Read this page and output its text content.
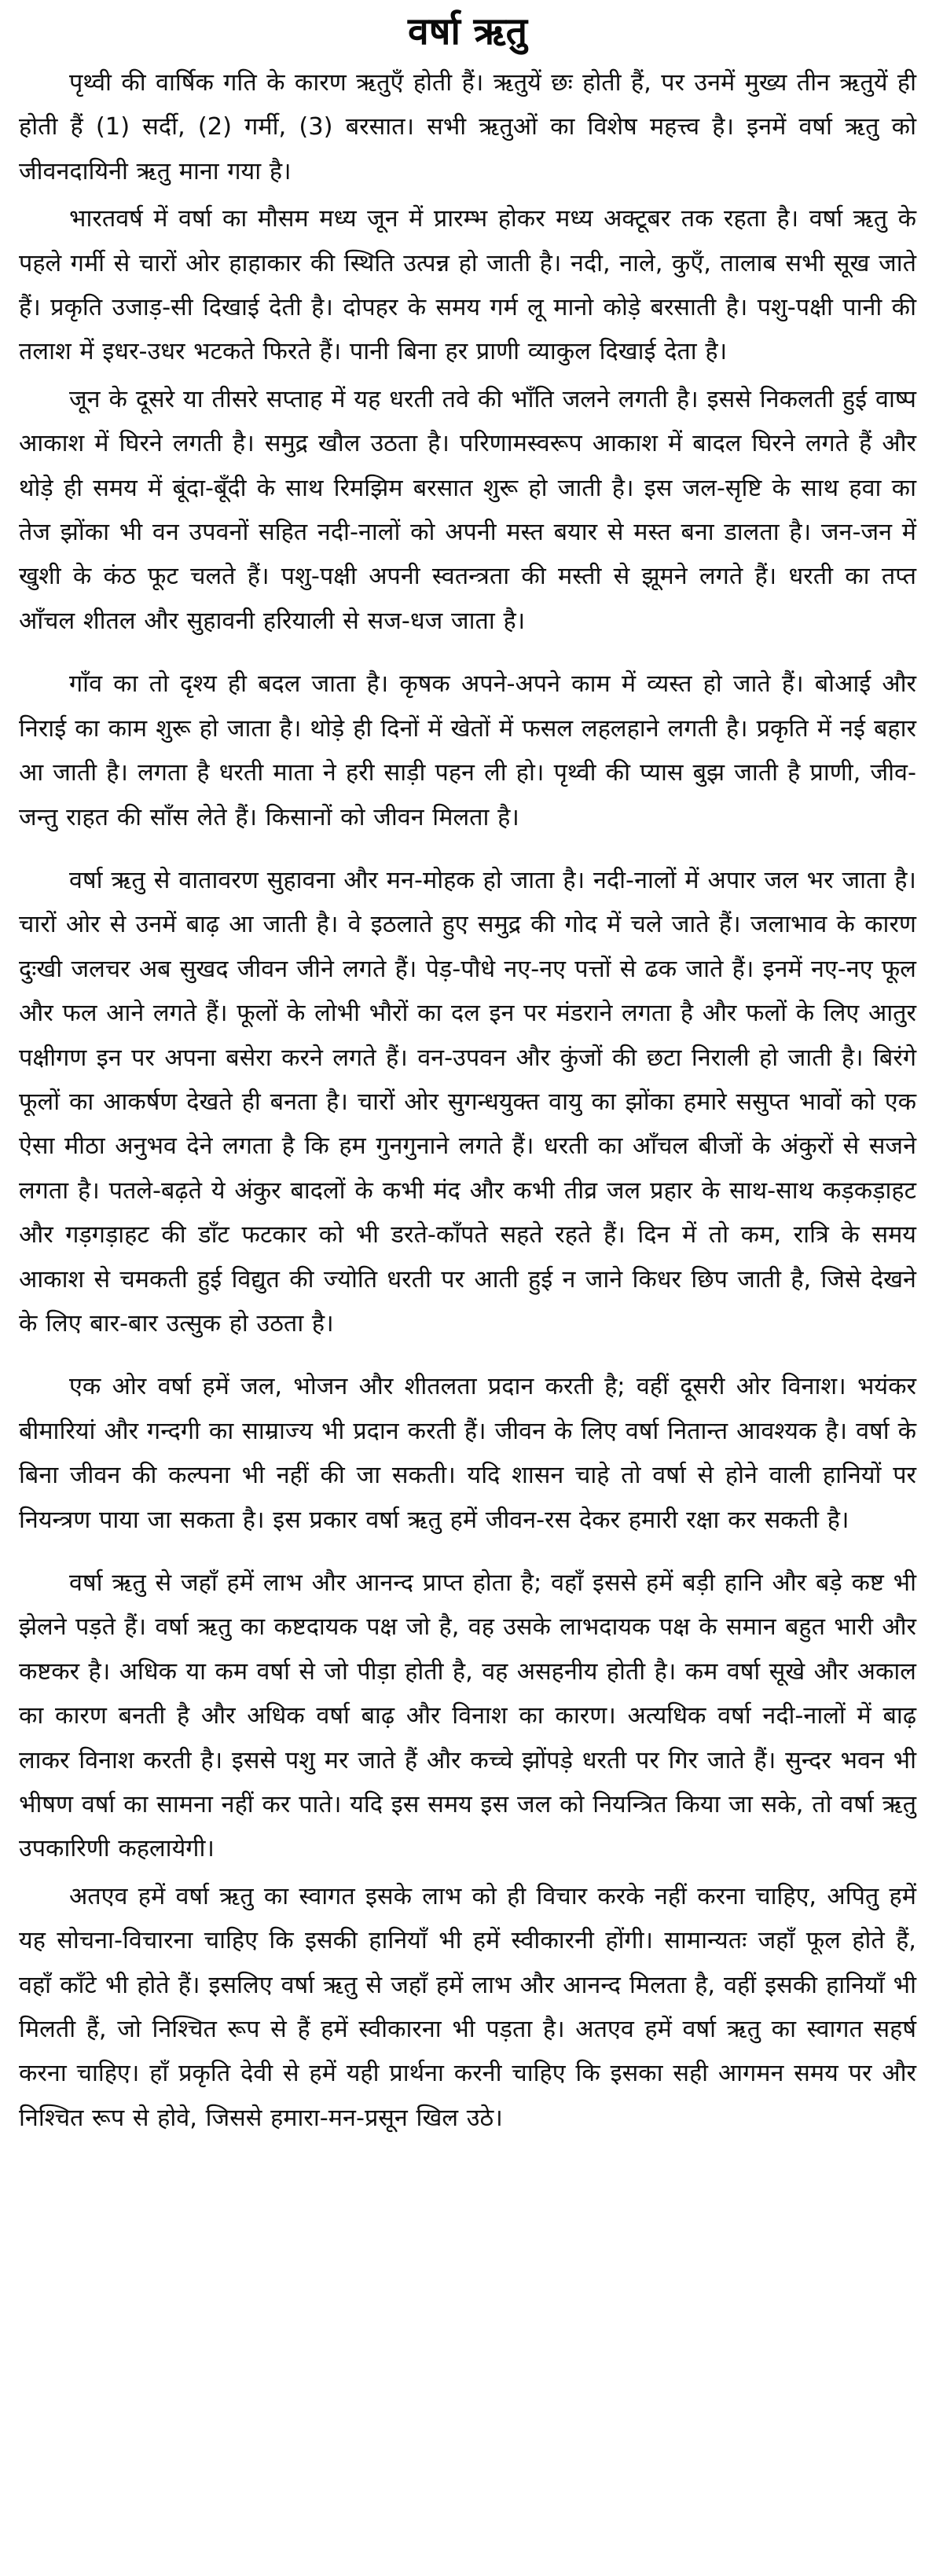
वर्षा ऋतु

पृथ्वी की वार्षिक गति के कारण ऋतुएँ होती हैं। ऋतुयें छः होती हैं, पर उनमें मुख्य तीन ऋतुयें ही होती हैं (1) सर्दी, (2) गर्मी, (3) बरसात। सभी ऋतुओं का विशेष महत्त्व है। इनमें वर्षा ऋतु को जीवनदायिनी ऋतु माना गया है।

भारतवर्ष में वर्षा का मौसम मध्य जून में प्रारम्भ होकर मध्य अक्टूबर तक रहता है। वर्षा ऋतु के पहले गर्मी से चारों ओर हाहाकार की स्थिति उत्पन्न हो जाती है। नदी, नाले, कुएँ, तालाब सभी सूख जाते हैं। प्रकृति उजाड़-सी दिखाई देती है। दोपहर के समय गर्म लू मानो कोड़े बरसाती है। पशु-पक्षी पानी की तलाश में इधर-उधर भटकते फिरते हैं। पानी बिना हर प्राणी व्याकुल दिखाई देता है।

जून के दूसरे या तीसरे सप्ताह में यह धरती तवे की भाँति जलने लगती है। इससे निकलती हुई वाष्प आकाश में घिरने लगती है। समुद्र खौल उठता है। परिणामस्वरूप आकाश में बादल घिरने लगते हैं और थोड़े ही समय में बूंदा-बूँदी के साथ रिमझिम बरसात शुरू हो जाती है। इस जल-सृष्टि के साथ हवा का तेज झोंका भी वन उपवनों सहित नदी-नालों को अपनी मस्त बयार से मस्त बना डालता है। जन-जन में खुशी के कंठ फूट चलते हैं। पशु-पक्षी अपनी स्वतन्त्रता की मस्ती से झूमने लगते हैं। धरती का तप्त आँचल शीतल और सुहावनी हरियाली से सज-धज जाता है।

गाँव का तो दृश्य ही बदल जाता है। कृषक अपने-अपने काम में व्यस्त हो जाते हैं। बोआई और निराई का काम शुरू हो जाता है। थोड़े ही दिनों में खेतों में फसल लहलहाने लगती है। प्रकृति में नई बहार आ जाती है। लगता है धरती माता ने हरी साड़ी पहन ली हो। पृथ्वी की प्यास बुझ जाती है प्राणी, जीव-जन्तु राहत की साँस लेते हैं। किसानों को जीवन मिलता है।

वर्षा ऋतु से वातावरण सुहावना और मन-मोहक हो जाता है। नदी-नालों में अपार जल भर जाता है। चारों ओर से उनमें बाढ़ आ जाती है। वे इठलाते हुए समुद्र की गोद में चले जाते हैं। जलाभाव के कारण दुःखी जलचर अब सुखद जीवन जीने लगते हैं। पेड़-पौधे नए-नए पत्तों से ढक जाते हैं। इनमें नए-नए फूल और फल आने लगते हैं। फूलों के लोभी भौरों का दल इन पर मंडराने लगता है और फलों के लिए आतुर पक्षीगण इन पर अपना बसेरा करने लगते हैं। वन-उपवन और कुंजों की छटा निराली हो जाती है। बिरंगे फूलों का आकर्षण देखते ही बनता है। चारों ओर सुगन्धयुक्त वायु का झोंका हमारे ससुप्त भावों को एक ऐसा मीठा अनुभव देने लगता है कि हम गुनगुनाने लगते हैं। धरती का आँचल बीजों के अंकुरों से सजने लगता है। पतले-बढ़ते ये अंकुर बादलों के कभी मंद और कभी तीव्र जल प्रहार के साथ-साथ कड़कड़ाहट और गड़गड़ाहट की डाँट फटकार को भी डरते-काँपते सहते रहते हैं। दिन में तो कम, रात्रि के समय आकाश से चमकती हुई विद्युत की ज्योति धरती पर आती हुई न जाने किधर छिप जाती है, जिसे देखने के लिए बार-बार उत्सुक हो उठता है।

एक ओर वर्षा हमें जल, भोजन और शीतलता प्रदान करती है; वहीं दूसरी ओर विनाश। भयंकर बीमारियां और गन्दगी का साम्राज्य भी प्रदान करती हैं। जीवन के लिए वर्षा नितान्त आवश्यक है। वर्षा के बिना जीवन की कल्पना भी नहीं की जा सकती। यदि शासन चाहे तो वर्षा से होने वाली हानियों पर नियन्त्रण पाया जा सकता है। इस प्रकार वर्षा ऋतु हमें जीवन-रस देकर हमारी रक्षा कर सकती है।

वर्षा ऋतु से जहाँ हमें लाभ और आनन्द प्राप्त होता है; वहाँ इससे हमें बड़ी हानि और बड़े कष्ट भी झेलने पड़ते हैं। वर्षा ऋतु का कष्टदायक पक्ष जो है, वह उसके लाभदायक पक्ष के समान बहुत भारी और कष्टकर है। अधिक या कम वर्षा से जो पीड़ा होती है, वह असहनीय होती है। कम वर्षा सूखे और अकाल का कारण बनती है और अधिक वर्षा बाढ़ और विनाश का कारण। अत्यधिक वर्षा नदी-नालों में बाढ़ लाकर विनाश करती है। इससे पशु मर जाते हैं और कच्चे झोंपड़े धरती पर गिर जाते हैं। सुन्दर भवन भी भीषण वर्षा का सामना नहीं कर पाते। यदि इस समय इस जल को नियन्त्रित किया जा सके, तो वर्षा ऋतु उपकारिणी कहलायेगी।

अतएव हमें वर्षा ऋतु का स्वागत इसके लाभ को ही विचार करके नहीं करना चाहिए, अपितु हमें यह सोचना-विचारना चाहिए कि इसकी हानियाँ भी हमें स्वीकारनी होंगी। सामान्यतः जहाँ फूल होते हैं, वहाँ काँटे भी होते हैं। इसलिए वर्षा ऋतु से जहाँ हमें लाभ और आनन्द मिलता है, वहीं इसकी हानियाँ भी मिलती हैं, जो निश्चित रूप से हैं हमें स्वीकारना भी पड़ता है। अतएव हमें वर्षा ऋतु का स्वागत सहर्ष करना चाहिए। हाँ प्रकृति देवी से हमें यही प्रार्थना करनी चाहिए कि इसका सही आगमन समय पर और निश्चित रूप से होवे, जिससे हमारा-मन-प्रसून खिल उठे।
